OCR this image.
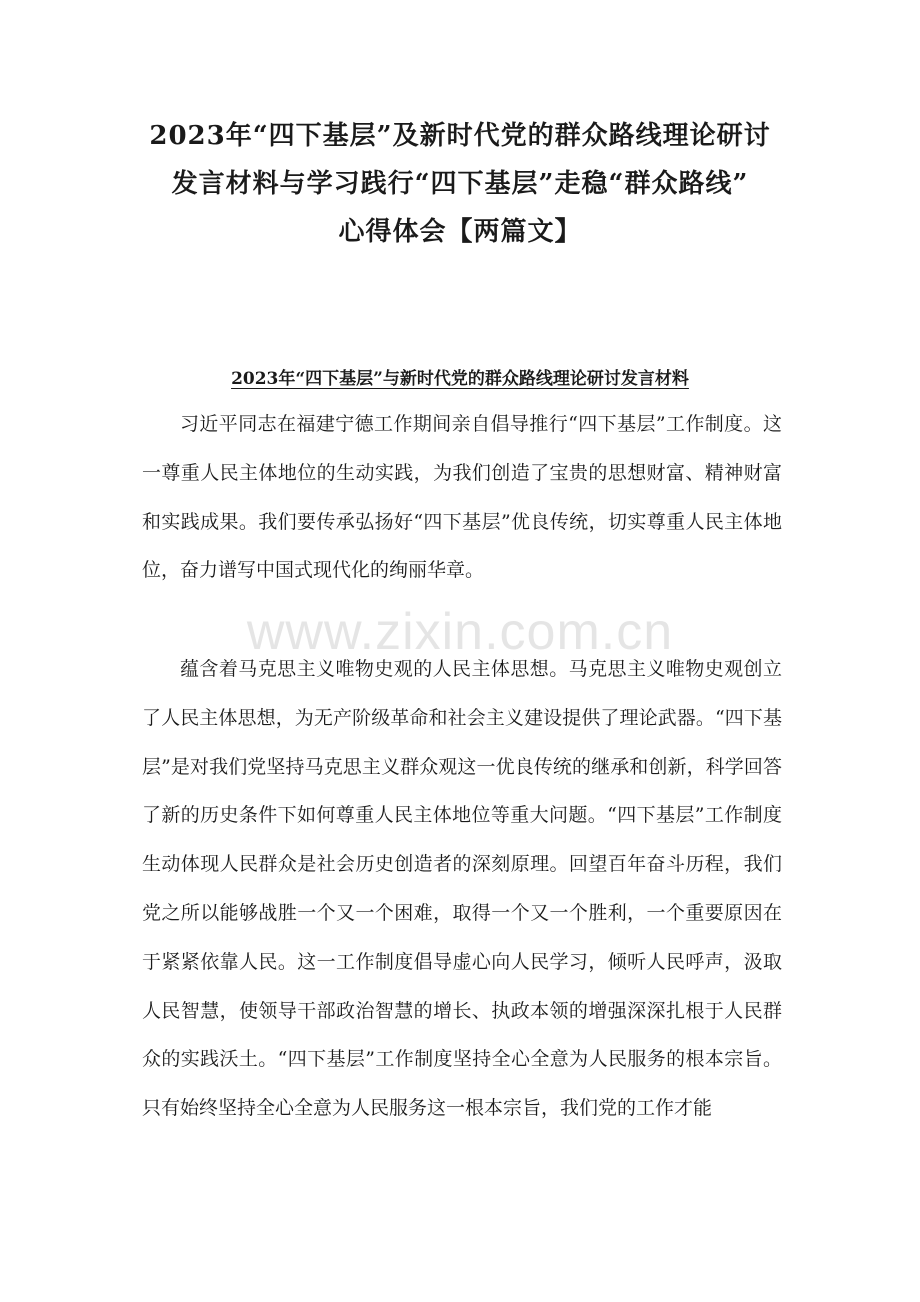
2023年“四下基层”及新时代党的群众路线理论研讨
发言材料与学习践行“四下基层”走稳“群众路线”
心得体会【两篇文】
2023年“四下基层”与新时代党的群众路线理论研讨发言材料

习近平同志在福建宁德工作期间亲自倡导推行“四下基层”工作制度。这一尊重人民主体地位的生动实践，为我们创造了宝贵的思想财富、精神财富和实践成果。我们要传承弘扬好“四下基层”优良传统，切实尊重人民主体地位，奋力谱写中国式现代化的绚丽华章。

蕴含着马克思主义唯物史观的人民主体思想。马克思主义唯物史观创立了人民主体思想，为无产阶级革命和社会主义建设提供了理论武器。“四下基层”是对我们党坚持马克思主义群众观这一优良传统的继承和创新，科学回答了新的历史条件下如何尊重人民主体地位等重大问题。“四下基层”工作制度生动体现人民群众是社会历史创造者的深刻原理。回望百年奋斗历程，我们党之所以能够战胜一个又一个困难，取得一个又一个胜利，一个重要原因在于紧紧依靠人民。这一工作制度倡导虚心向人民学习，倾听人民呼声，汲取人民智慧，使领导干部政治智慧的增长、执政本领的增强深深扎根于人民群众的实践沃土。“四下基层”工作制度坚持全心全意为人民服务的根本宗旨。只有始终坚持全心全意为人民服务这一根本宗旨，我们党的工作才能

www.zixin.com.cn
